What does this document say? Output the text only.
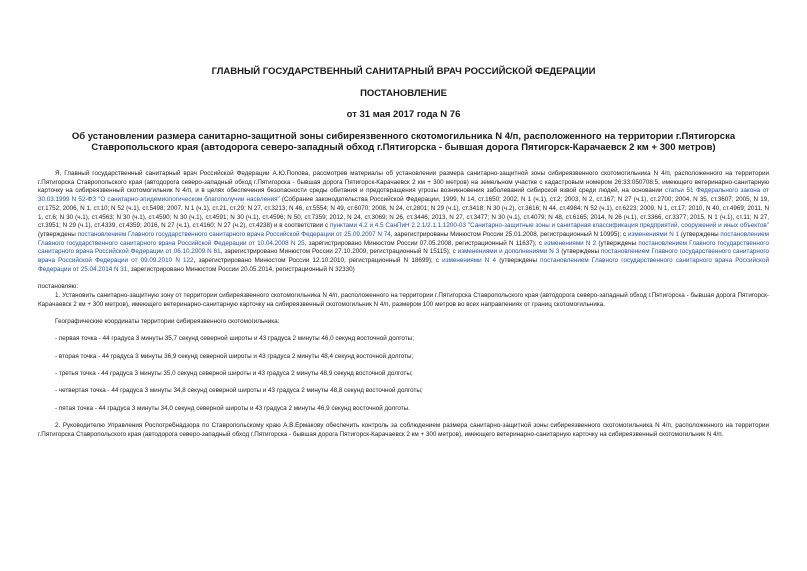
ГЛАВНЫЙ ГОСУДАРСТВЕННЫЙ САНИТАРНЫЙ ВРАЧ РОССИЙСКОЙ ФЕДЕРАЦИИ
ПОСТАНОВЛЕНИЕ
от 31 мая 2017 года N 76
Об установлении размера санитарно-защитной зоны сибиреязвенного скотомогильника N 4/п, расположенного на территории г.Пятигорска Ставропольского края (автодорога северо-западный обход г.Пятигорска - бывшая дорога Пятигорск-Карачаевск 2 км + 300 метров)

Я, Главный государственный санитарный врач Российской Федерации А.Ю.Попова, рассмотрев материалы об установлении размера санитарно-защитной зоны сибиреязвенного скотомогильника N 4/п, расположенного на территории г.Пятигорска Ставропольского края (автодорога северо-западный обход г.Пятигорска - бывшая дорога Пятигорск-Карачаевск 2 км + 300 метров) на земельном участке с кадастровым номером 26:33:050708:5, имеющего ветеринарно-санитарную карточку на сибиреязвенный скотомогильник N 4/п, и в целях обеспечения безопасности среды обитания и предотвращения угрозы возникновения заболеваний сибирской язвой среди людей, на основании статьи 51 Федерального закона от 30.03.1999 N 52-ФЗ "О санитарно-эпидемиологическом благополучии населения" (Собрание законодательства Российской Федерации, 1999, N 14, ст.1650; 2002, N 1 (ч.1), ст.2; 2003, N 2, ст.167; N 27 (ч.1), ст.2700; 2004, N 35, ст.3607; 2005, N 19, ст.1752; 2006, N 1, ст.10; N 52 (ч.1), ст.5498; 2007, N 1 (ч.1), ст.21, ст.29; N 27, ст.3213; N 46, ст.5554; N 49, ст.6070; 2008, N 24, ст.2801; N 29 (ч.1), ст.3418; N 30 (ч.2), ст.3616; N 44, ст.4984; N 52 (ч.1), ст.6223; 2009, N 1, ст.17; 2010, N 40, ст.4969; 2011, N 1, ст.6; N 30 (ч.1), ст.4563; N 30 (ч.1), ст.4590; N 30 (ч.1), ст.4591; N 30 (ч.1), ст.4596; N 50, ст.7359; 2012, N 24, ст.3069; N 26, ст.3446; 2013, N 27, ст.3477; N 30 (ч.1), ст.4079; N 48, ст.6165; 2014, N 26 (ч.1), ст.3366, ст.3377; 2015, N 1 (ч.1), ст.11; N 27, ст.3951; N 29 (ч.1), ст.4339, ст.4359; 2016, N 27 (ч.1), ст.4160; N 27 (ч.2), ст.4238) и в соответствии с пунктами 4.2 и 4.5 СанПиН 2.2.1/2.1.1.1200-03 "Санитарно-защитные зоны и санитарная классификация предприятий, сооружений и иных объектов" (утверждены постановлением Главного государственного санитарного врача Российской Федерации от 25.09.2007 N 74, зарегистрированы Минюстом России 25.01.2008, регистрационный N 10995); с изменениями N 1 (утверждены постановлением Главного государственного санитарного врача Российской Федерации от 10.04.2008 N 25, зарегистрировано Минюстом России 07.05.2008, регистрационный N 11637); с изменениями N 2 (утверждены постановлением Главного государственного санитарного врача Российской Федерации от 06.10.2009 N 61, зарегистрировано Минюстом России 27.10.2009, регистрационный N 15115); с изменениями и дополнениями N 3 (утверждены постановлением Главного государственного санитарного врача Российской Федерации от 09.09.2010 N 122, зарегистрировано Минюстом России 12.10.2010, регистрационный N 18699); с изменениями N 4 (утверждены постановлением Главного государственного санитарного врача Российской Федерации от 25.04.2014 N 31, зарегистрировано Минюстом России 20.05.2014, регистрационный N 32330)

постановляю:

1. Установить санитарно-защитную зону от территории сибиреязвенного скотомогильника N 4/п, расположенного на территории г.Пятигорска Ставропольского края (автодорога северо-западный обход г.Пятигорска - бывшая дорога Пятигорск-Карачаевск 2 км + 300 метров), имеющего ветеринарно-санитарную карточку на сибиреязвенный скотомогильник N 4/п, размером 100 метров во всех направлениях от границ скотомогильника.

Географические координаты территории сибиреязвенного скотомогильника:

- первая точка - 44 градуса 3 минуты 35,7 секунд северной широты и 43 градуса 2 минуты 46,0 секунд восточной долготы;

- вторая точка - 44 градуса 3 минуты 36,9 секунд северной широты и 43 градуса 2 минуты 48,4 секунд восточной долготы;

- третья точка - 44 градуса 3 минуты 35,0 секунд северной широты и 43 градуса 2 минуты 48,9 секунд восточной долготы;

- четвертая точка - 44 градуса 3 минуты 34,8 секунд северной широты и 43 градуса 2 минуты 48,8 секунд восточной долготы;

- пятая точка - 44 градуса 3 минуты 34,0 секунд северной широты и 43 градуса 2 минуты 46,9 секунд восточной долготы.

2. Руководителю Управления Роспотребнадзора по Ставропольскому краю А.В.Ермакову обеспечить контроль за соблюдением размера санитарно-защитной зоны сибиреязвенного скотомогильника N 4/п, расположенного на территории г.Пятигорска Ставропольского края (автодорога северо-западный обход г.Пятигорска - бывшая дорога Пятигорск-Карачаевск 2 км + 300 метров), имеющего ветеринарно-санитарную карточку на сибиреязвенный скотомогильник N 4/п.
